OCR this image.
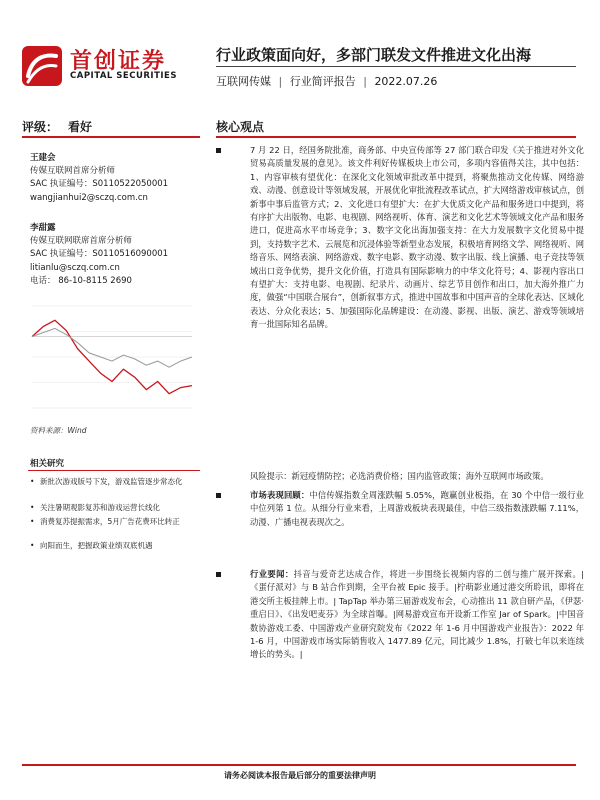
首创证券
CAPITAL SECURITIES
行业政策面向好，多部门联发文件推进文化出海
互联网传媒 | 行业简评报告 | 2022.07.26
评级： 看好	核心观点
王建会
传媒互联网首席分析师
SAC 执证编号：S0110522050001
wangjianhui2@sczq.com.cn
李甜露
传媒互联网联席首席分析师
SAC 执证编号：S0110516090001
litianlu@sczq.com.cn
电话： 86-10-8115 2690
资料来源：Wind
相关研究
• 新批次游戏版号下发，游戏监管逐步常态化
• 关注暑期观影复苏和游戏运营长线化
• 消费复苏提振需求，5月广告花费环比转正
• 向阳而生，把握政策业绩双底机遇
7 月 22 日，经国务院批准，商务部、中央宣传部等 27 部门联合印发《关于推进对外文化贸易高质量发展的意见》。该文件利好传媒板块上市公司，多项内容值得关注，其中包括：1、内容审核有望优化：在深化文化领域审批改革中提到，将聚焦推动文化传媒、网络游戏、动漫、创意设计等领域发展，开展优化审批流程改革试点，扩大网络游戏审核试点，创新事中事后监管方式；2、文化进口有望扩大：在扩大优质文化产品和服务进口中提到，将有序扩大出版物、电影、电视剧、网络视听、体育、演艺和文化艺术等领域文化产品和服务进口，促进高水平市场竞争；3、数字文化出海加强支持：在大力发展数字文化贸易中提到，支持数字艺术、云展览和沉浸体验等新型业态发展，积极培育网络文学、网络视听、网络音乐、网络表演、网络游戏、数字电影、数字动漫、数字出版、线上演播、电子竞技等领域出口竞争优势，提升文化价值，打造具有国际影响力的中华文化符号；4、影视内容出口有望扩大：支持电影、电视剧、纪录片、动画片、综艺节目创作和出口，加大海外推广力度，做强“中国联合展台”，创新叙事方式，推进中国故事和中国声音的全球化表达、区域化表达、分众化表达；5、加强国际化品牌建设：在动漫、影视、出版、演艺、游戏等领域培育一批国际知名品牌。
风险提示：新冠疫情防控；必选消费价格；国内监管政策；海外互联网市场政策。
市场表现回顾：中信传媒指数全周涨跌幅 5.05%，跑赢创业板指，在 30 个中信一级行业中位列第 1 位。从细分行业来看，上周游戏板块表现最佳，中信三级指数涨跌幅 7.11%，动漫、广播电视表现次之。
行业要闻：抖音与爱奇艺达成合作，将进一步围绕长视频内容的二创与推广展开探索。|《蛋仔派对》与 B 站合作到期，全平台被 Epic 接手。|柠萌影业通过港交所聆讯，即将在港交所主板挂牌上市。| TapTap 举办第三届游戏发布会，心动推出 11 款自研产品，《伊瑟·重启日》、《出发吧麦芬》为全球首曝。|网易游戏宣布开设新工作室 Jar of Spark。|中国音数协游戏工委、中国游戏产业研究院发布《2022 年 1-6 月中国游戏产业报告》：2022 年 1-6 月，中国游戏市场实际销售收入 1477.89 亿元，同比减少 1.8%，打破七年以来连续增长的势头。|
请务必阅读本报告最后部分的重要法律声明
